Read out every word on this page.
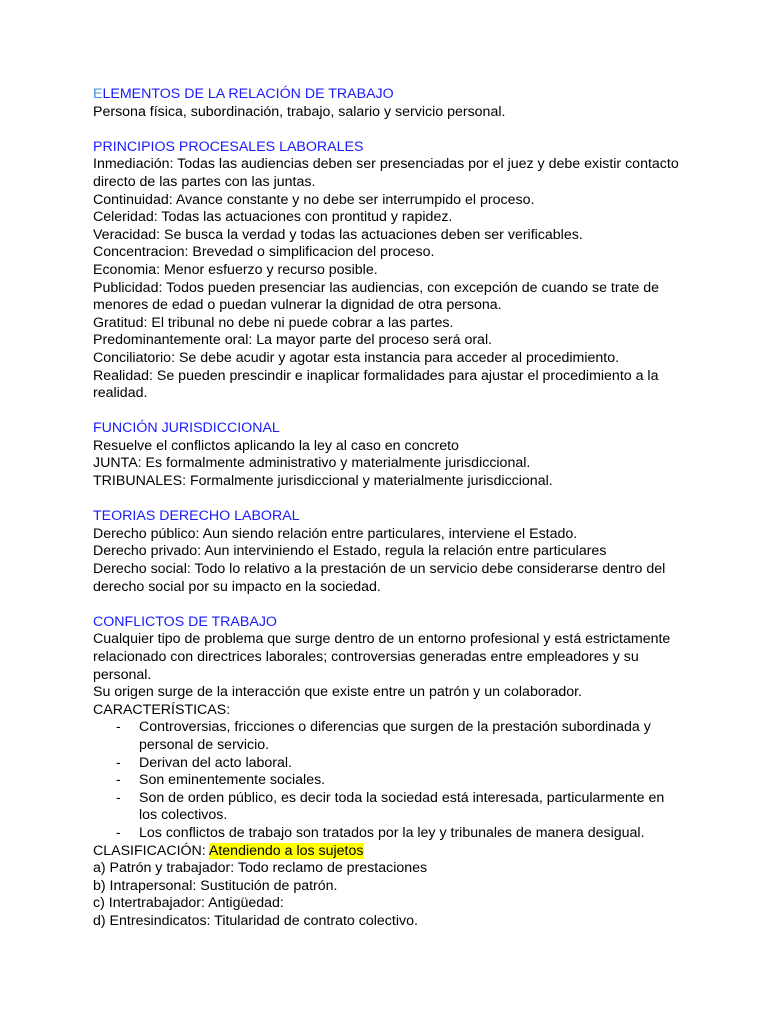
ELEMENTOS DE LA RELACIÓN DE TRABAJO
Persona física, subordinación, trabajo, salario y servicio personal.
PRINCIPIOS PROCESALES LABORALES
Inmediación: Todas las audiencias deben ser presenciadas por el juez y debe existir contacto directo de las partes con las juntas.
Continuidad: Avance constante y no debe ser interrumpido el proceso.
Celeridad: Todas las actuaciones con prontitud y rapidez.
Veracidad: Se busca la verdad y todas las actuaciones deben ser verificables.
Concentracion: Brevedad o simplificacion del proceso.
Economia: Menor esfuerzo y recurso posible.
Publicidad: Todos pueden presenciar las audiencias, con excepción de cuando se trate de menores de edad o puedan vulnerar la dignidad de otra persona.
Gratitud: El tribunal no debe ni puede cobrar a las partes.
Predominantemente oral: La mayor parte del proceso será oral.
Conciliatorio: Se debe acudir y agotar esta instancia para acceder al procedimiento.
Realidad: Se pueden prescindir e inaplicar formalidades para ajustar el procedimiento a la realidad.
FUNCIÓN JURISDICCIONAL
Resuelve el conflictos aplicando la ley al caso en concreto
JUNTA: Es formalmente administrativo y materialmente jurisdiccional.
TRIBUNALES: Formalmente jurisdiccional y materialmente jurisdiccional.
TEORIAS DERECHO LABORAL
Derecho público: Aun siendo relación entre particulares, interviene el Estado.
Derecho privado: Aun interviniendo el Estado, regula la relación entre particulares
Derecho social: Todo lo relativo a la prestación de un servicio debe considerarse dentro del derecho social por su impacto en la sociedad.
CONFLICTOS DE TRABAJO
Cualquier tipo de problema que surge dentro de un entorno profesional y está estrictamente relacionado con directrices laborales; controversias generadas entre empleadores y su personal.
Su origen surge de la interacción que existe entre un patrón y un colaborador.
CARACTERÍSTICAS:
- Controversias, fricciones o diferencias que surgen de la prestación subordinada y personal de servicio.
- Derivan del acto laboral.
- Son eminentemente sociales.
- Son de orden público, es decir toda la sociedad está interesada, particularmente en los colectivos.
- Los conflictos de trabajo son tratados por la ley y tribunales de manera desigual.
CLASIFICACIÓN: Atendiendo a los sujetos
a) Patrón y trabajador: Todo reclamo de prestaciones
b) Intrapersonal: Sustitución de patrón.
c) Intertrabajador: Antigüedad:
d) Entresindicatos: Titularidad de contrato colectivo.
